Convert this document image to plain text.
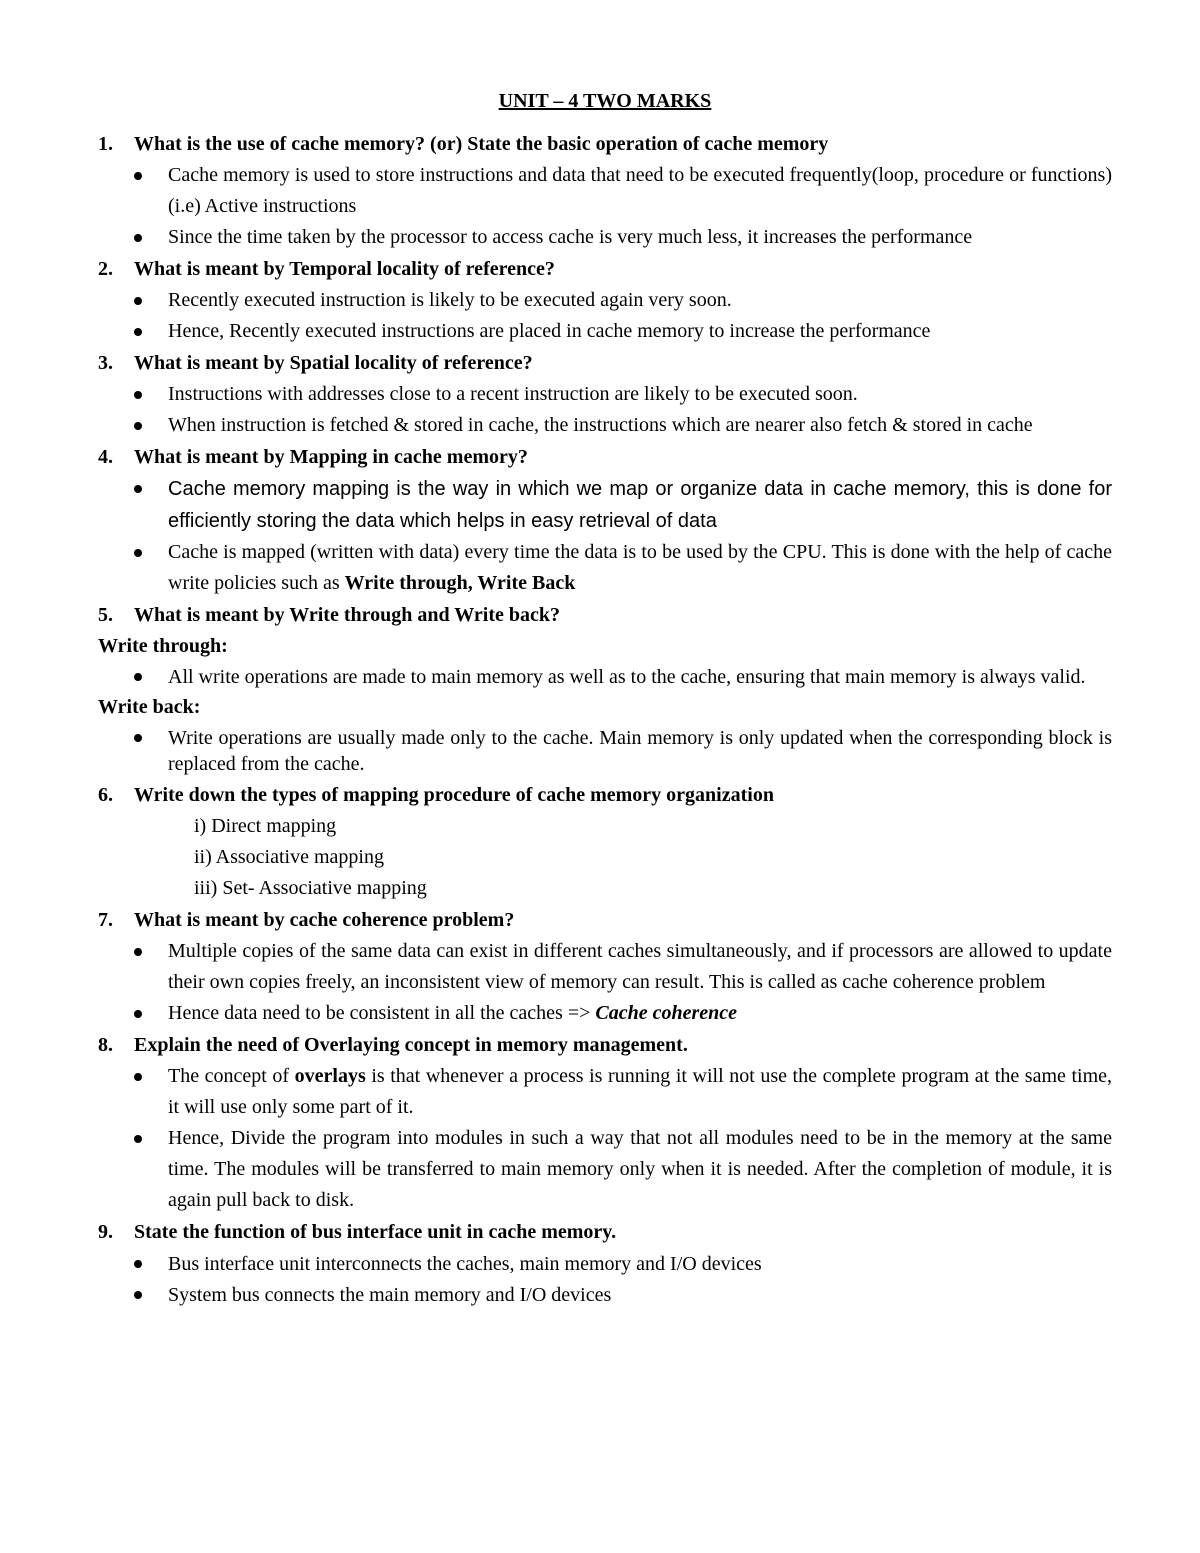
UNIT – 4 TWO MARKS
1. What is the use of cache memory? (or) State the basic operation of cache memory
Cache memory is used to store instructions and data that need to be executed frequently(loop, procedure or functions) (i.e) Active instructions
Since the time taken by the processor to access cache is very much less, it increases the performance
2. What is meant by Temporal locality of reference?
Recently executed instruction is likely to be executed again very soon.
Hence, Recently executed instructions are placed in cache memory to increase the performance
3. What is meant by Spatial locality of reference?
Instructions with addresses close to a recent instruction are likely to be executed soon.
When instruction is fetched & stored in cache, the instructions which are nearer also fetch & stored in cache
4. What is meant by Mapping in cache memory?
Cache memory mapping is the way in which we map or organize data in cache memory, this is done for efficiently storing the data which helps in easy retrieval of data
Cache is mapped (written with data) every time the data is to be used by the CPU. This is done with the help of cache write policies such as Write through, Write Back
5. What is meant by Write through and Write back?
Write through:
All write operations are made to main memory as well as to the cache, ensuring that main memory is always valid.
Write back:
Write operations are usually made only to the cache. Main memory is only updated when the corresponding block is replaced from the cache.
6. Write down the types of mapping procedure of cache memory organization
i) Direct mapping
ii) Associative mapping
iii) Set- Associative mapping
7. What is meant by cache coherence problem?
Multiple copies of the same data can exist in different caches simultaneously, and if processors are allowed to update their own copies freely, an inconsistent view of memory can result. This is called as cache coherence problem
Hence data need to be consistent in all the caches => Cache coherence
8. Explain the need of Overlaying concept in memory management.
The concept of overlays is that whenever a process is running it will not use the complete program at the same time, it will use only some part of it.
Hence, Divide the program into modules in such a way that not all modules need to be in the memory at the same time. The modules will be transferred to main memory only when it is needed. After the completion of module, it is again pull back to disk.
9. State the function of bus interface unit in cache memory.
Bus interface unit interconnects the caches, main memory and I/O devices
System bus connects the main memory and I/O devices
